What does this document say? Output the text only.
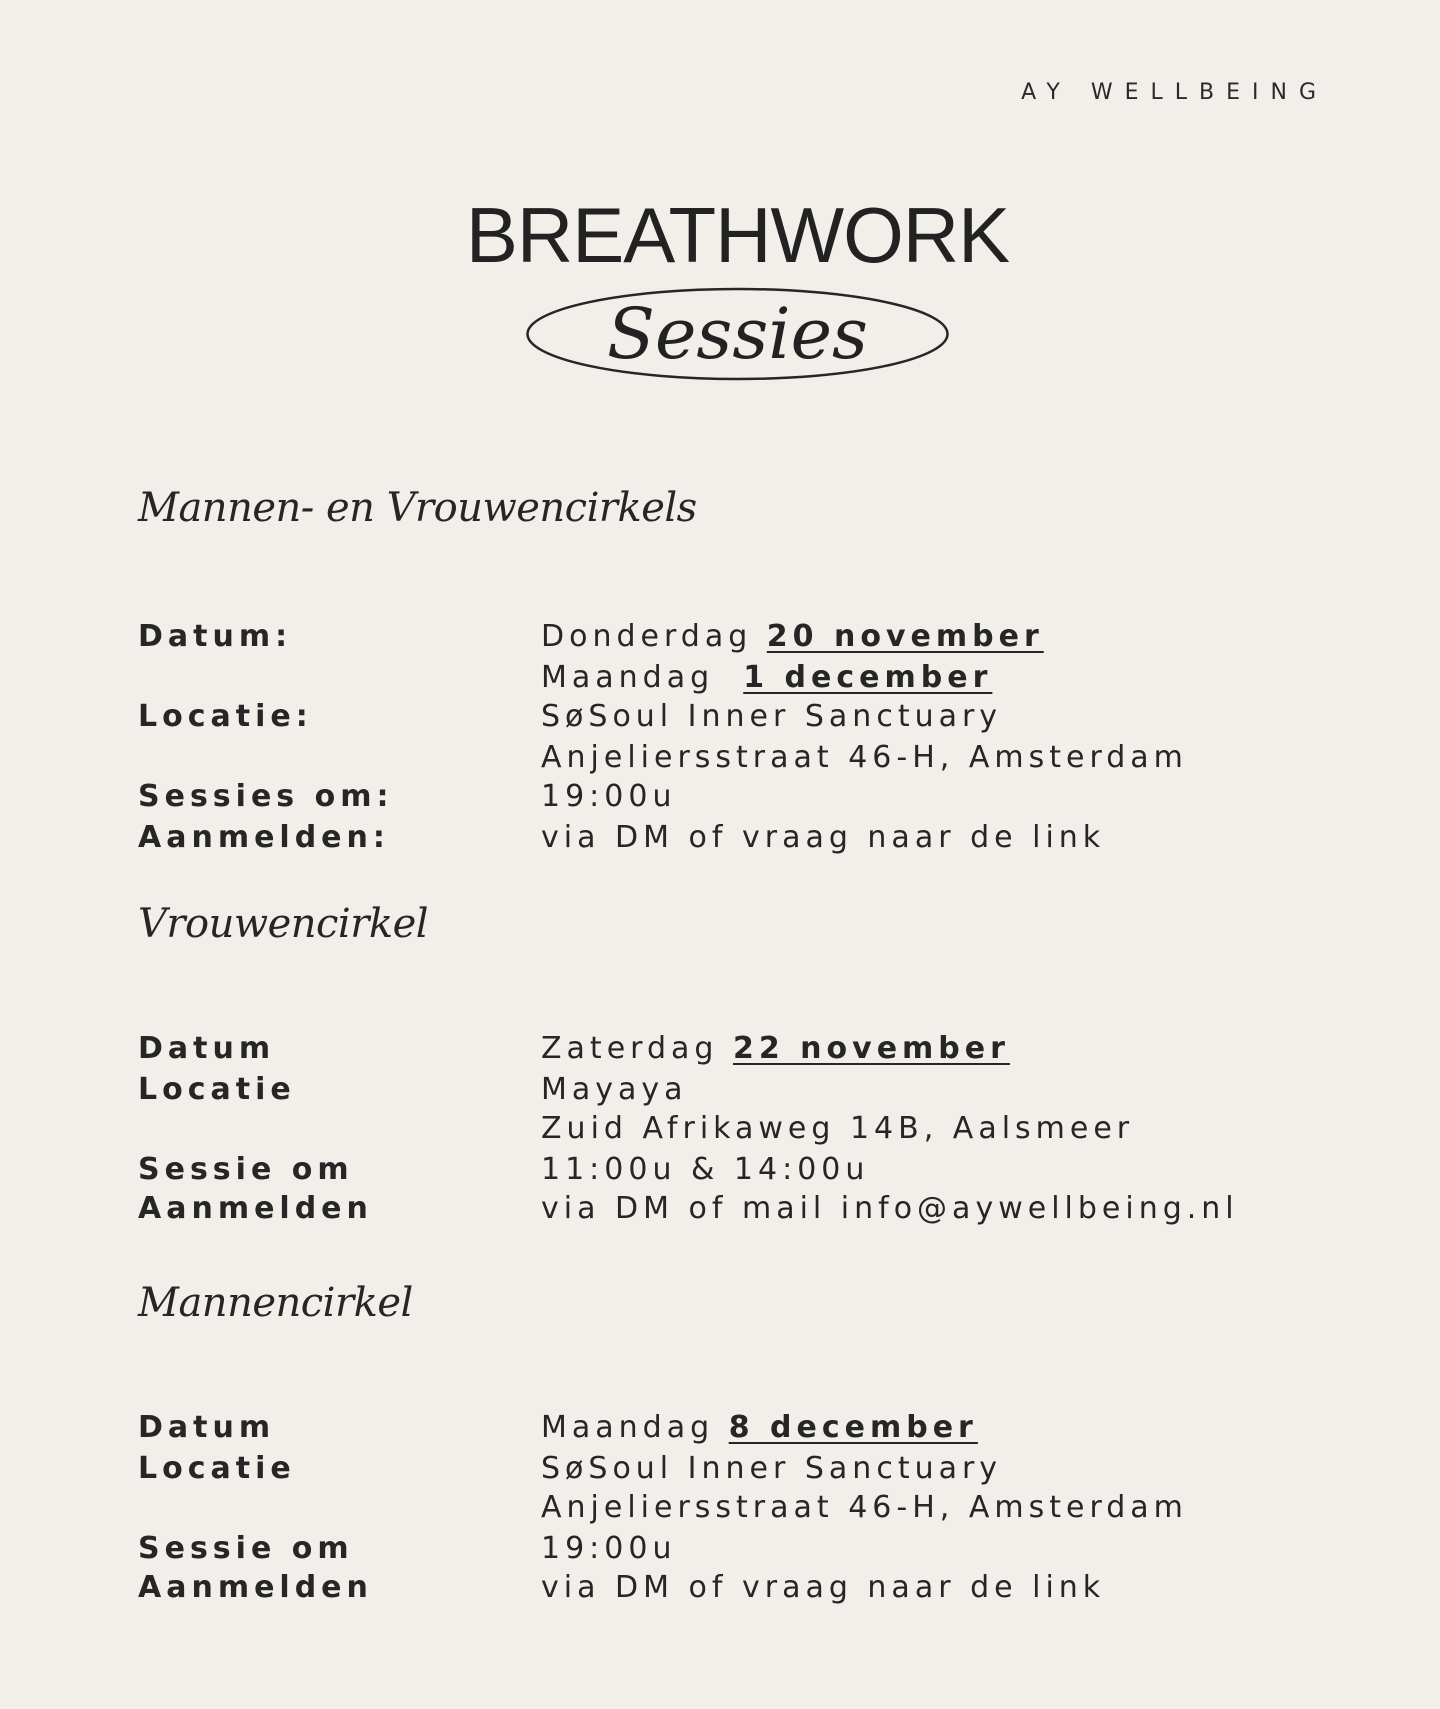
AY WELLBEING
BREATHWORK
Sessies
Mannen- en Vrouwencirkels
Datum:	Donderdag 20 november
Maandag 1 december
Locatie:	SøSoul Inner Sanctuary
Anjeliersstraat 46-H, Amsterdam
Sessies om:	19:00u
Aanmelden:	via DM of vraag naar de link
Vrouwencirkel
Datum	Zaterdag 22 november
Locatie	Mayaya
Zuid Afrikaweg 14B, Aalsmeer
Sessie om	11:00u & 14:00u
Aanmelden	via DM of mail info@aywellbeing.nl
Mannencirkel
Datum	Maandag 8 december
Locatie	SøSoul Inner Sanctuary
Anjeliersstraat 46-H, Amsterdam
Sessie om	19:00u
Aanmelden	via DM of vraag naar de link
